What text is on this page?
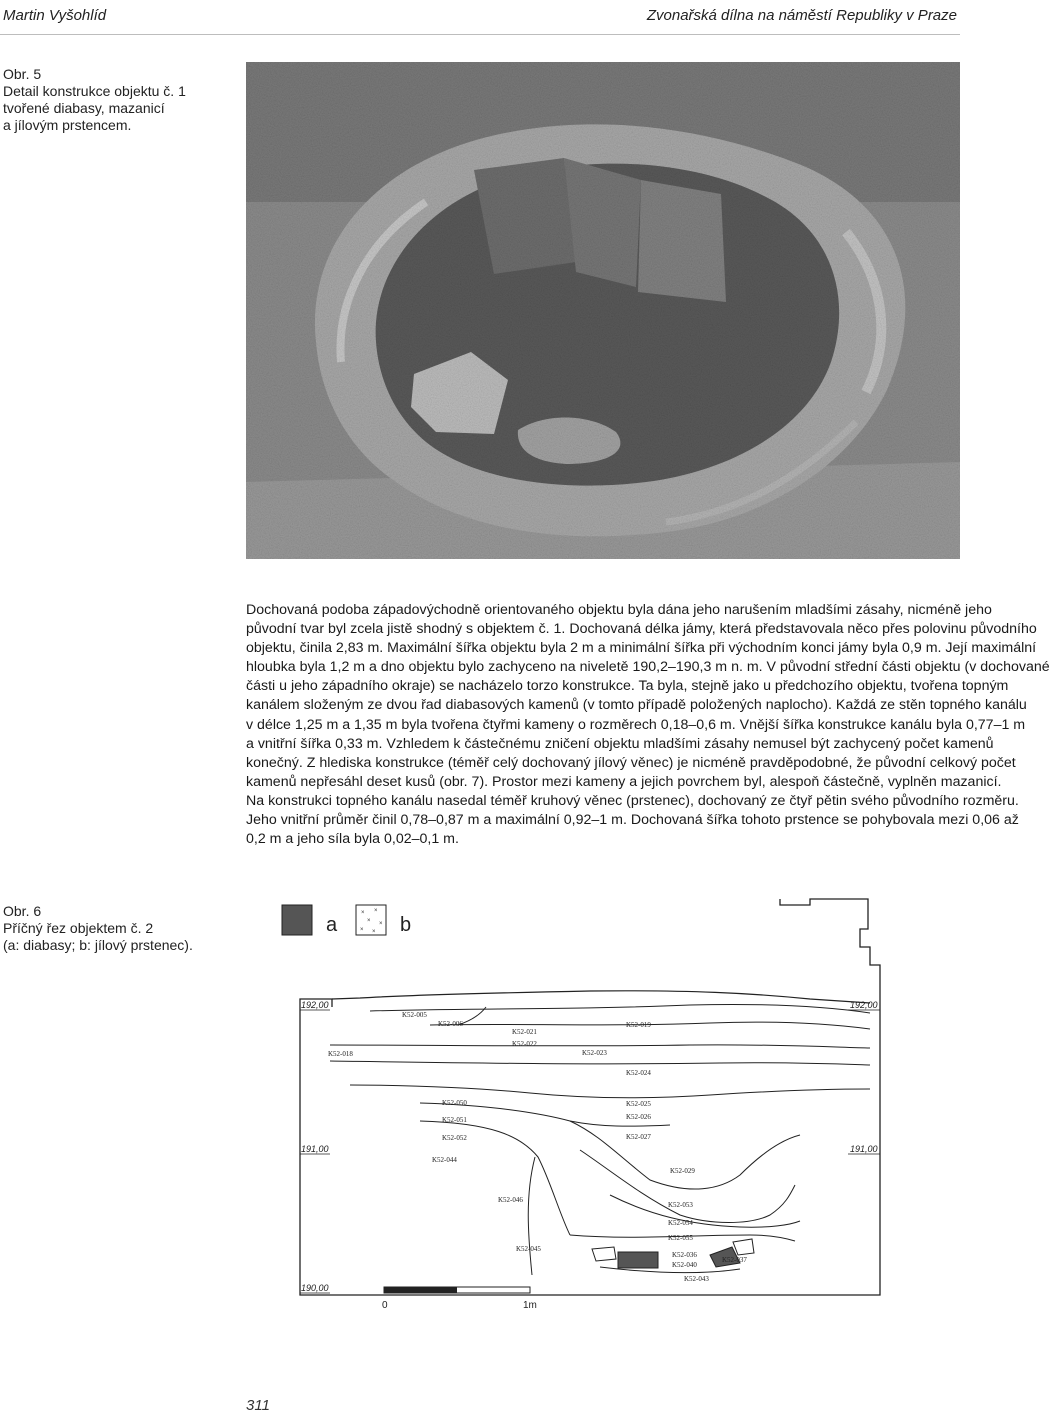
Martin Vyšohlíd	Zvonařská dílna na náměstí Republiky v Praze
Obr. 5
Detail konstrukce objektu č. 1
tvořené diabasy, mazanicí
a jílovým prstencem.
Dochovaná podoba západovýchodně orientovaného objektu byla dána jeho narušením mladšími zásahy, nicméně jeho
původní tvar byl zcela jistě shodný s objektem č. 1. Dochovaná délka jámy, která představovala něco přes polovinu původního
objektu, činila 2,83 m. Maximální šířka objektu byla 2 m a minimální šířka při východním konci jámy byla 0,9 m. Její maximální
hloubka byla 1,2 m a dno objektu bylo zachyceno na niveletě 190,2–190,3 m n. m. V původní střední části objektu (v dochované
části u jeho západního okraje) se nacházelo torzo konstrukce. Ta byla, stejně jako u předchozího objektu, tvořena topným
kanálem složeným ze dvou řad diabasových kamenů (v tomto případě položených naplocho). Každá ze stěn topného kanálu
v délce 1,25 m a 1,35 m byla tvořena čtyřmi kameny o rozměrech 0,18–0,6 m. Vnější šířka konstrukce kanálu byla 0,77–1 m
a vnitřní šířka 0,33 m. Vzhledem k částečnému zničení objektu mladšími zásahy nemusel být zachycený počet kamenů
konečný. Z hlediska konstrukce (téměř celý dochovaný jílový věnec) je nicméně pravděpodobné, že původní celkový počet
kamenů nepřesáhl deset kusů (obr. 7). Prostor mezi kameny a jejich povrchem byl, alespoň částečně, vyplněn mazanicí.
Na konstrukci topného kanálu nasedal téměř kruhový věnec (prstenec), dochovaný ze čtyř pětin svého původního rozměru.
Jeho vnitřní průměr činil 0,78–0,87 m a maximální 0,92–1 m. Dochovaná šířka tohoto prstence se pohybovala mezi 0,06 až
0,2 m a jeho síla byla 0,02–0,1 m.
Obr. 6
Příčný řez objektem č. 2
(a: diabasy; b: jílový prstenec).
a
× ×
× ×
× × b
192,00	192,00
191,00	191,00
190,00
K52-005
K52-006
K52-018
K52-021
K52-022
K52-019
K52-023
K52-024
K52-050
K52-051
K52-052
K52-044
K52-025
K52-026
K52-027
K52-029
K52-046
K52-053
K52-054
K52-055
K52-045
K52-036
K52-040
K52-037
K52-043
0	1m
311
